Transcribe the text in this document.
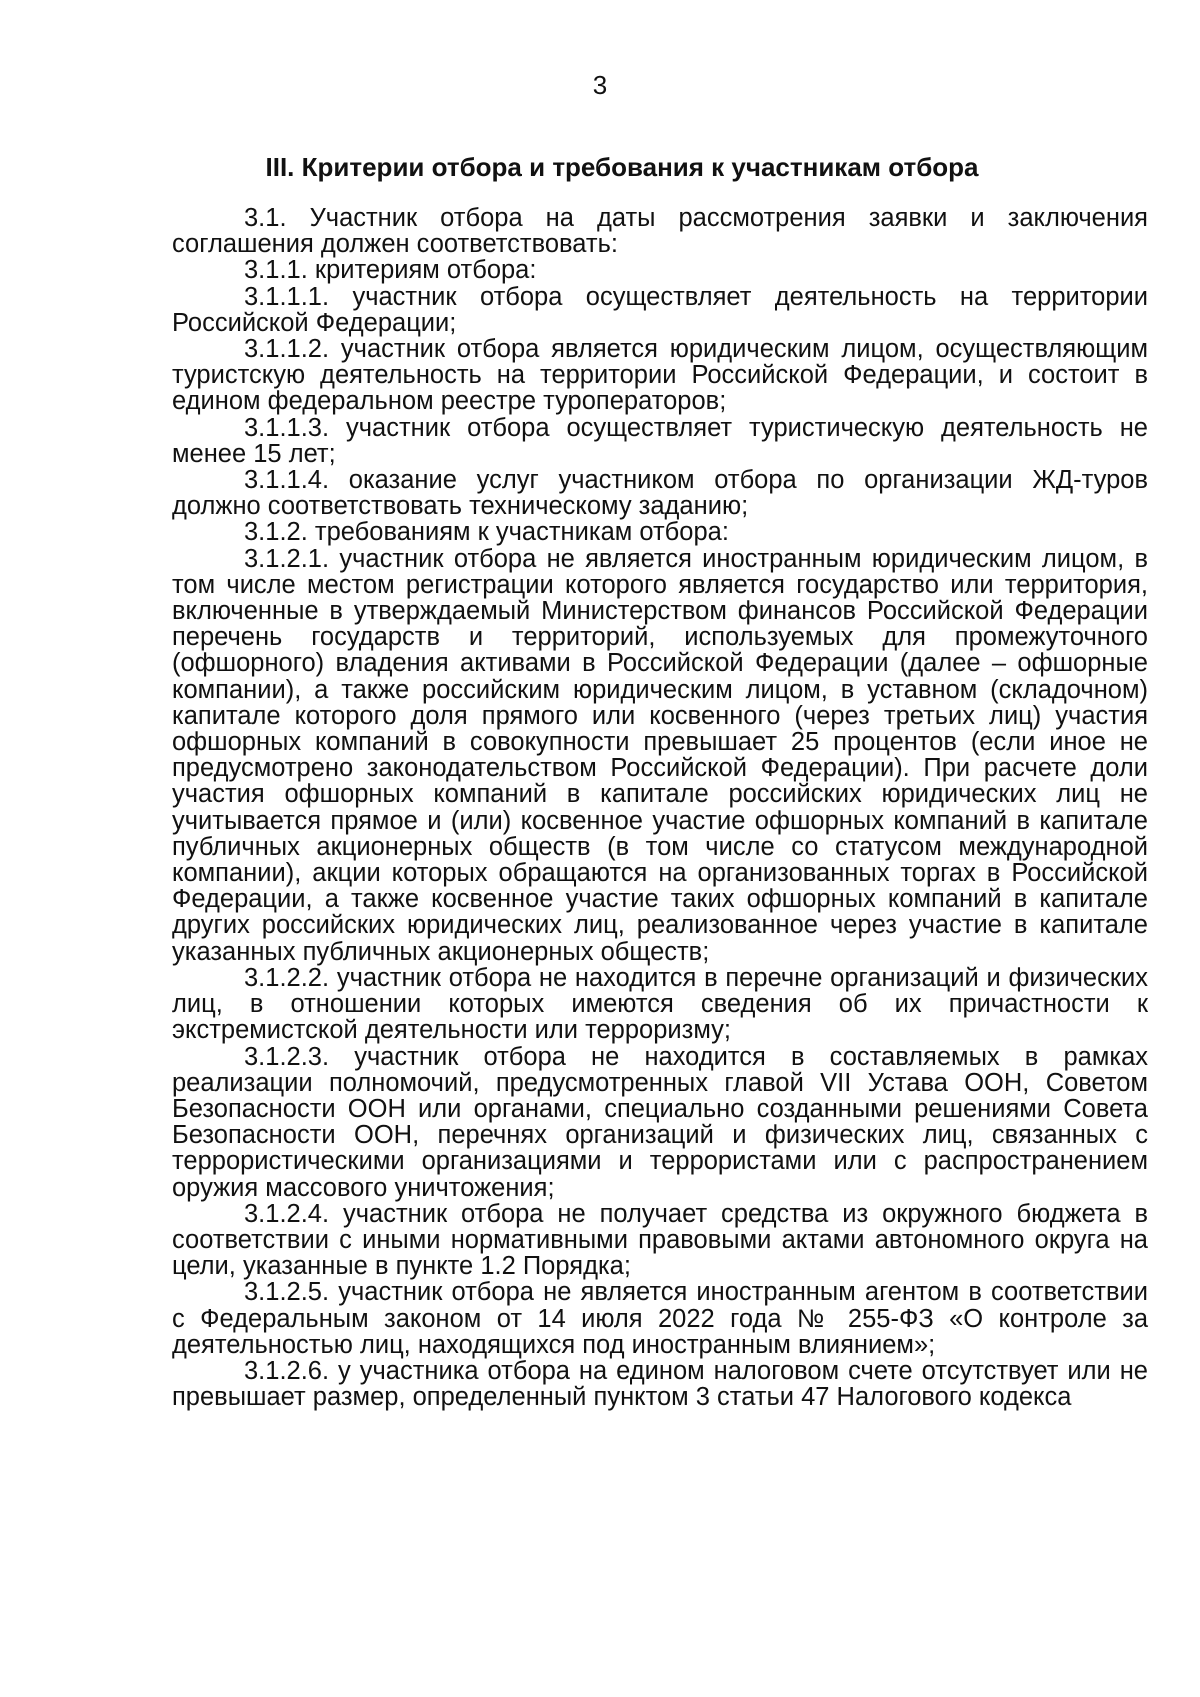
3
III. Критерии отбора и требования к участникам отбора

3.1. Участник отбора на даты рассмотрения заявки и заключения соглашения должен соответствовать:

3.1.1. критериям отбора:

3.1.1.1. участник отбора осуществляет деятельность на территории Российской Федерации;

3.1.1.2. участник отбора является юридическим лицом, осуществляющим туристскую деятельность на территории Российской Федерации, и состоит в едином федеральном реестре туроператоров;

3.1.1.3. участник отбора осуществляет туристическую деятельность не менее 15 лет;

3.1.1.4. оказание услуг участником отбора по организации ЖД-туров должно соответствовать техническому заданию;

3.1.2. требованиям к участникам отбора:

3.1.2.1. участник отбора не является иностранным юридическим лицом, в том числе местом регистрации которого является государство или территория, включенные в утверждаемый Министерством финансов Российской Федерации перечень государств и территорий, используемых для промежуточного (офшорного) владения активами в Российской Федерации (далее – офшорные компании), а также российским юридическим лицом, в уставном (складочном) капитале которого доля прямого или косвенного (через третьих лиц) участия офшорных компаний в совокупности превышает 25 процентов (если иное не предусмотрено законодательством Российской Федерации). При расчете доли участия офшорных компаний в капитале российских юридических лиц не учитывается прямое и (или) косвенное участие офшорных компаний в капитале публичных акционерных обществ (в том числе со статусом международной компании), акции которых обращаются на организованных торгах в Российской Федерации, а также косвенное участие таких офшорных компаний в капитале других российских юридических лиц, реализованное через участие в капитале указанных публичных акционерных обществ;

3.1.2.2. участник отбора не находится в перечне организаций и физических лиц, в отношении которых имеются сведения об их причастности к экстремистской деятельности или терроризму;

3.1.2.3. участник отбора не находится в составляемых в рамках реализации полномочий, предусмотренных главой VII Устава ООН, Советом Безопасности ООН или органами, специально созданными решениями Совета Безопасности ООН, перечнях организаций и физических лиц, связанных с террористическими организациями и террористами или с распространением оружия массового уничтожения;

3.1.2.4. участник отбора не получает средства из окружного бюджета в соответствии с иными нормативными правовыми актами автономного округа на цели, указанные в пункте 1.2 Порядка;

3.1.2.5. участник отбора не является иностранным агентом в соответствии с Федеральным законом от 14 июля 2022 года № 255-ФЗ «О контроле за деятельностью лиц, находящихся под иностранным влиянием»;

3.1.2.6. у участника отбора на едином налоговом счете отсутствует или не превышает размер, определенный пунктом 3 статьи 47 Налогового кодекса
